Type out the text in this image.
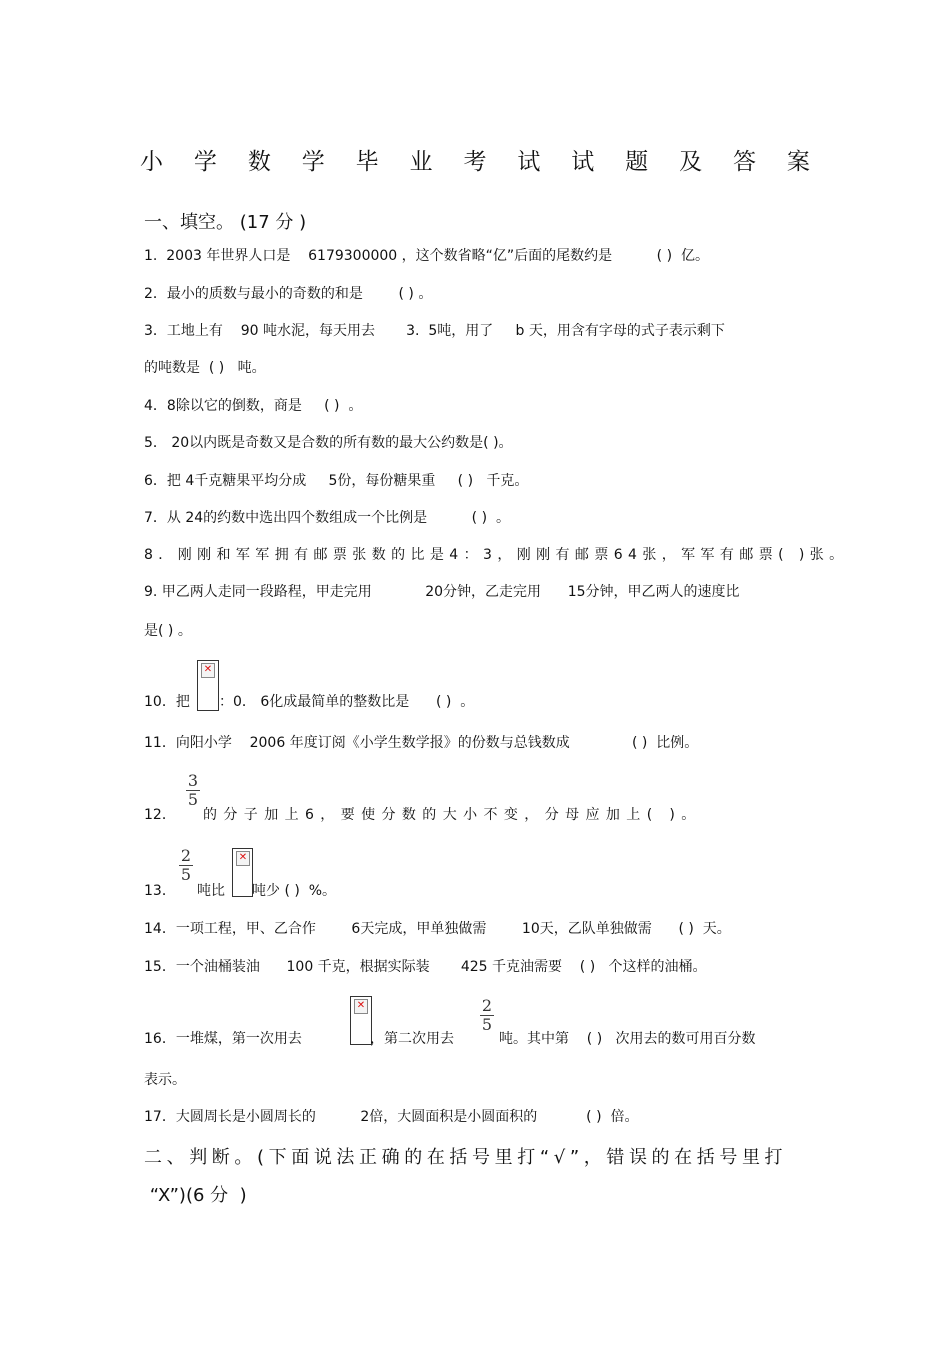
小 学 数 学 毕 业 考 试 试 题 及 答 案
一、填空。 (17 分 )
1.  2003 年世界人口是    6179300000 ，这个数省略“亿”后面的尾数约是          ( )  亿。
2．最小的质数与最小的奇数的和是        ( ) 。
3．工地上有    90 吨水泥，每天用去       3.  5吨，用了     b 天，用含有字母的式子表示剩下
的吨数是  ( )   吨。
4．8除以它的倒数，商是     ( )  。
5． 20以内既是奇数又是合数的所有数的最大公约数是( )。
6．把 4千克糖果平均分成     5份，每份糖果重     ( )   千克。
7．从 24的约数中选出四个数组成一个比例是          ( )  。
8．刚刚和军军拥有邮票张数的比是4：3，刚刚有邮票64张，军军有邮票( )张。
9. 甲乙两人走同一段路程，甲走完用            20分钟，乙走完用      15分钟，甲乙两人的速度比
是( ) 。
10．把
✕
：0． 6化成最简单的整数比是      ( )  。
11．向阳小学    2006 年度订阅《小学生数学报》的份数与总钱数成              ( )  比例。
3
5
12． 的分子加上6，要使分数的大小不变，分母应加上( )。
13．
2
5
吨比
✕
吨少 ( )  %。
14．一项工程，甲、乙合作        6天完成，甲单独做需        10天，乙队单独做需      ( )  天。
15．一个油桶装油      100 千克，根据实际装       425 千克油需要    ( )   个这样的油桶。
16．一堆煤，第一次用去
✕
，第二次用去
2
5
吨。其中第    ( )   次用去的数可用百分数
表示。
17．大圆周长是小圆周长的          2倍，大圆面积是小圆面积的           ( )  倍。
二、判断。(下面说法正确的在括号里打“√”，错误的在括号里打
“X”)(6 分  )
